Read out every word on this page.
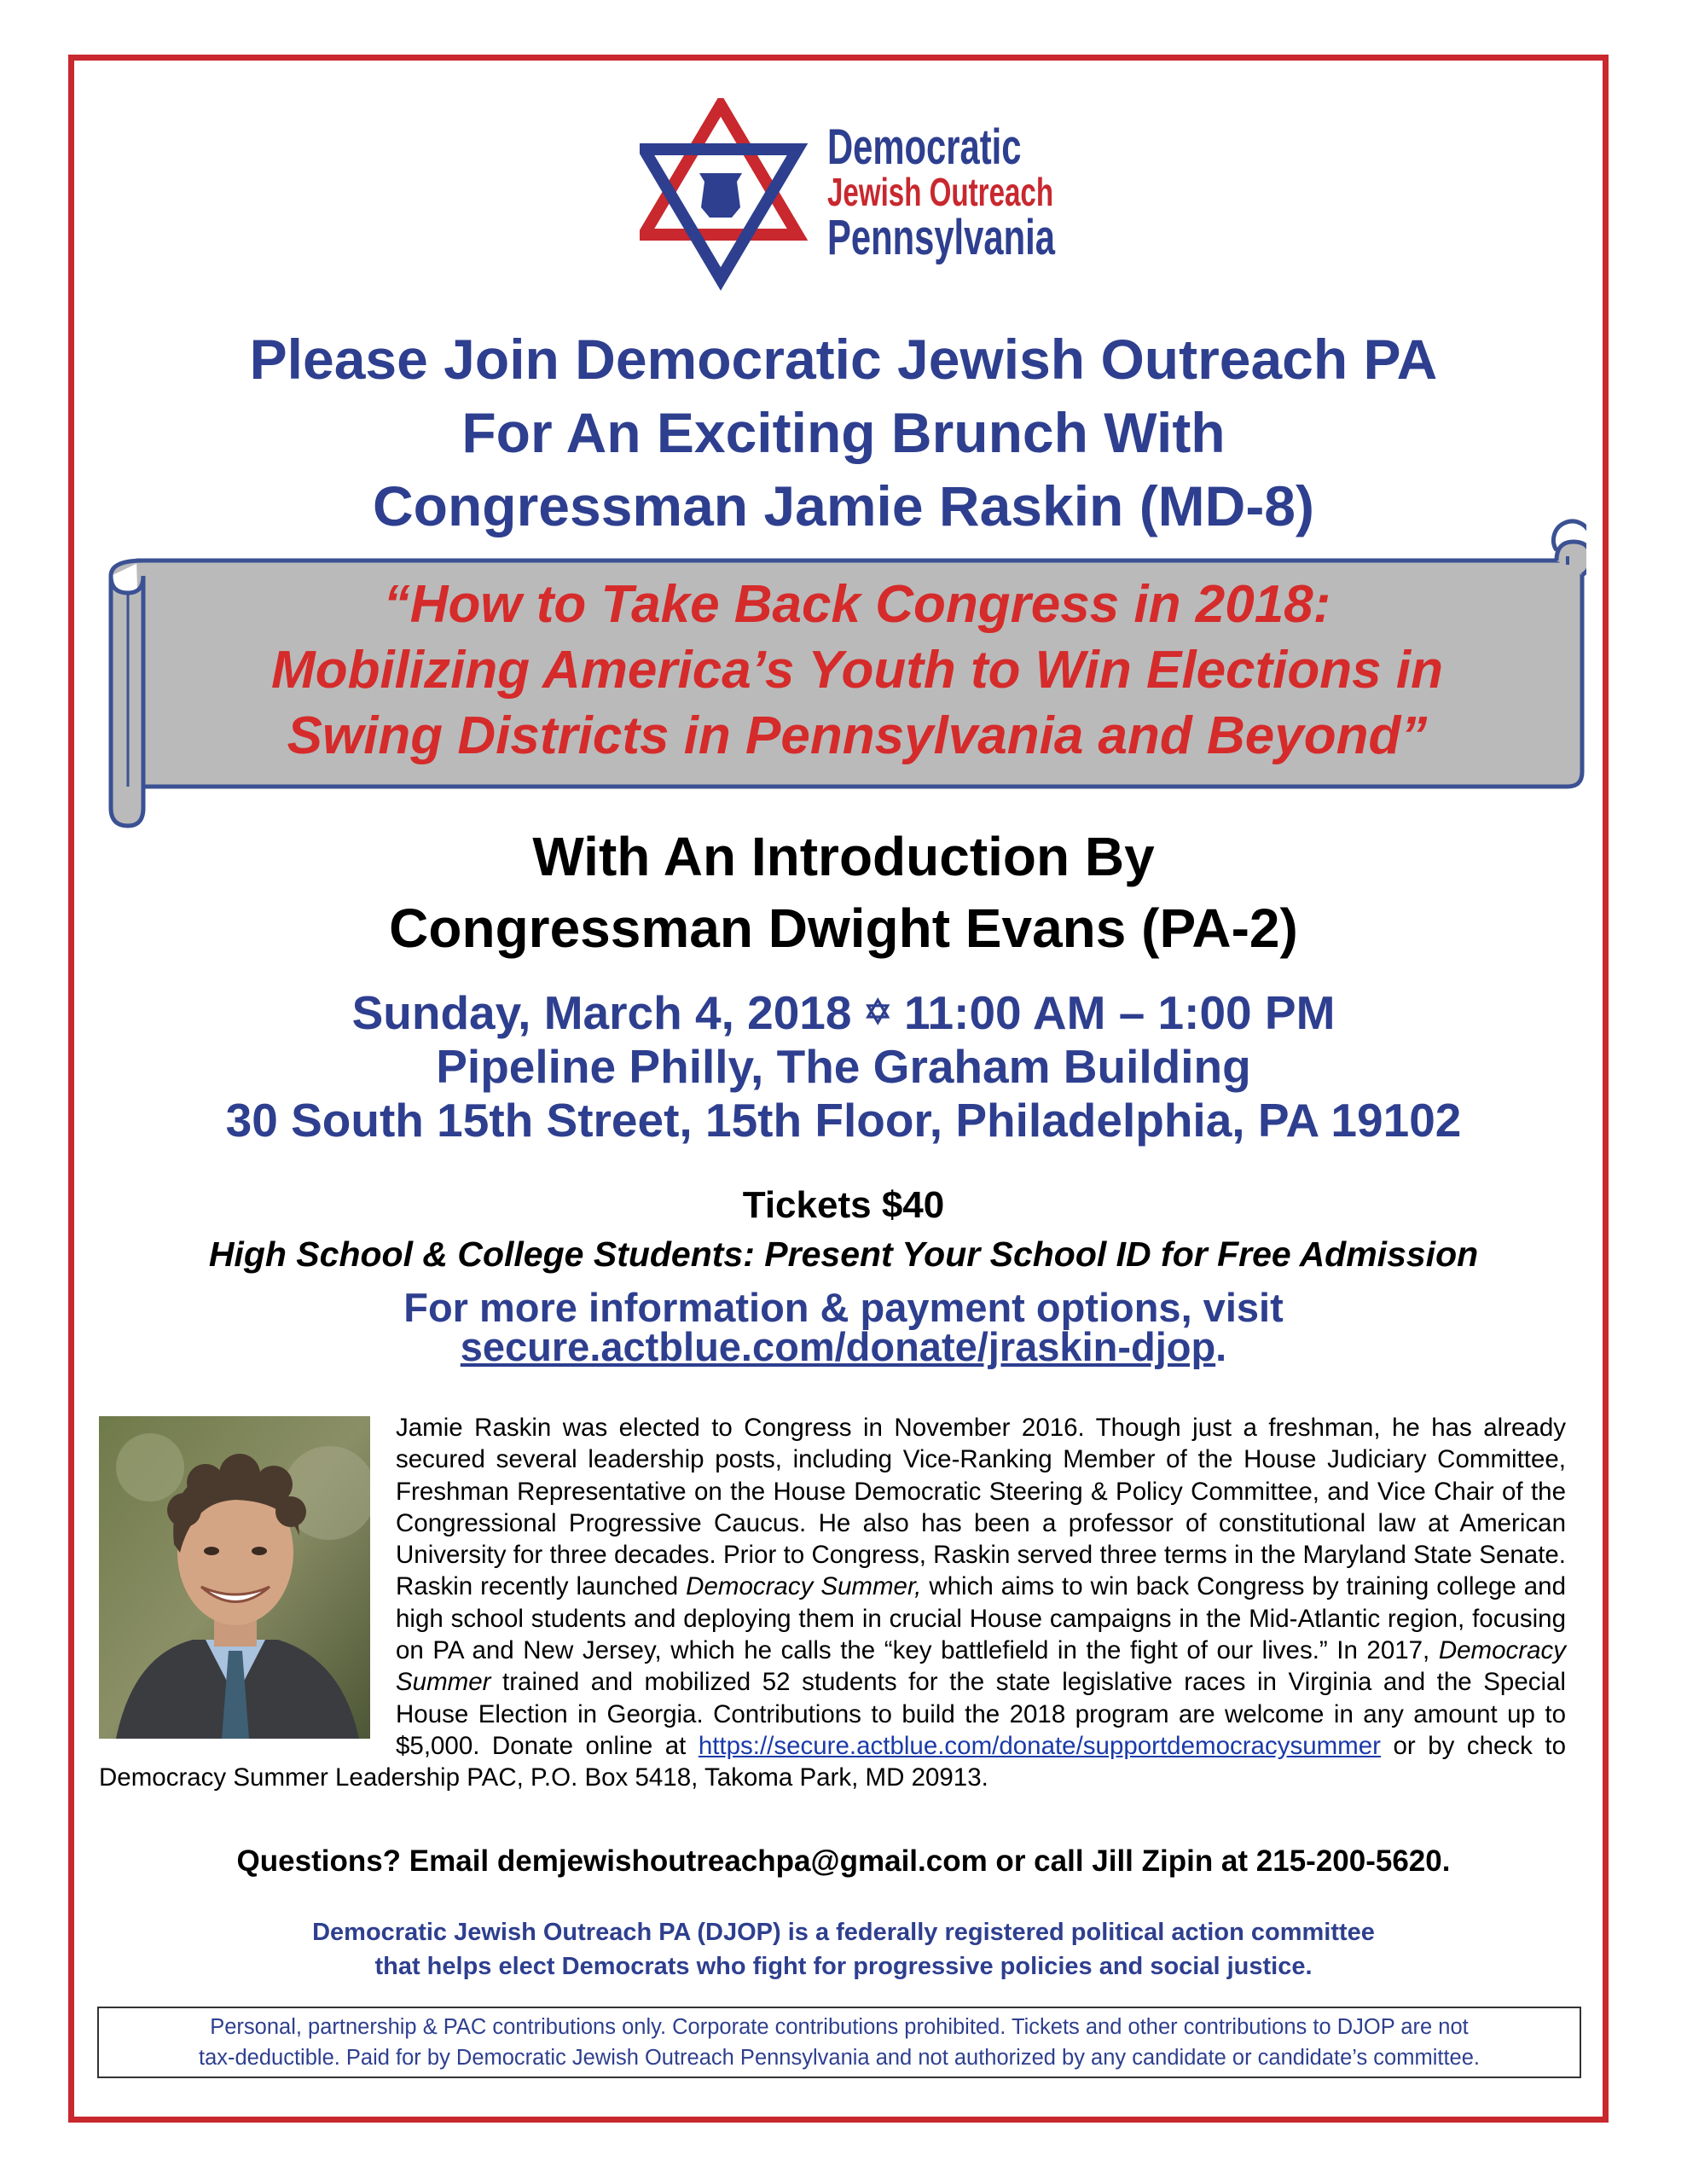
Democratic
Jewish Outreach
Pennsylvania
Please Join Democratic Jewish Outreach PA
For An Exciting Brunch With
Congressman Jamie Raskin (MD-8)
“How to Take Back Congress in 2018:
Mobilizing America’s Youth to Win Elections in
Swing Districts in Pennsylvania and Beyond”
With An Introduction By
Congressman Dwight Evans (PA-2)
Sunday, March 4, 2018 ✡ 11:00 AM – 1:00 PM
Pipeline Philly, The Graham Building
30 South 15th Street, 15th Floor, Philadelphia, PA 19102
Tickets $40
High School & College Students: Present Your School ID for Free Admission
For more information & payment options, visit
secure.actblue.com/donate/jraskin-djop.
Jamie Raskin was elected to Congress in November 2016. Though just a freshman, he has already secured several leadership posts, including Vice-Ranking Member of the House Judiciary Committee, Freshman Representative on the House Democratic Steering & Policy Committee, and Vice Chair of the Congressional Progressive Caucus. He also has been a professor of constitutional law at American University for three decades. Prior to Congress, Raskin served three terms in the Maryland State Senate. Raskin recently launched Democracy Summer, which aims to win back Congress by training college and high school students and deploying them in crucial House campaigns in the Mid-Atlantic region, focusing on PA and New Jersey, which he calls the “key battlefield in the fight of our lives.” In 2017, Democracy Summer trained and mobilized 52 students for the state legislative races in Virginia and the Special House Election in Georgia. Contributions to build the 2018 program are welcome in any amount up to $5,000. Donate online at https://secure.actblue.com/donate/supportdemocracysummer or by check to Democracy Summer Leadership PAC, P.O. Box 5418, Takoma Park, MD 20913.
Questions? Email demjewishoutreachpa@gmail.com or call Jill Zipin at 215-200-5620.
Democratic Jewish Outreach PA (DJOP) is a federally registered political action committee
that helps elect Democrats who fight for progressive policies and social justice.
Personal, partnership & PAC contributions only. Corporate contributions prohibited. Tickets and other contributions to DJOP are not
tax-deductible. Paid for by Democratic Jewish Outreach Pennsylvania and not authorized by any candidate or candidate’s committee.
